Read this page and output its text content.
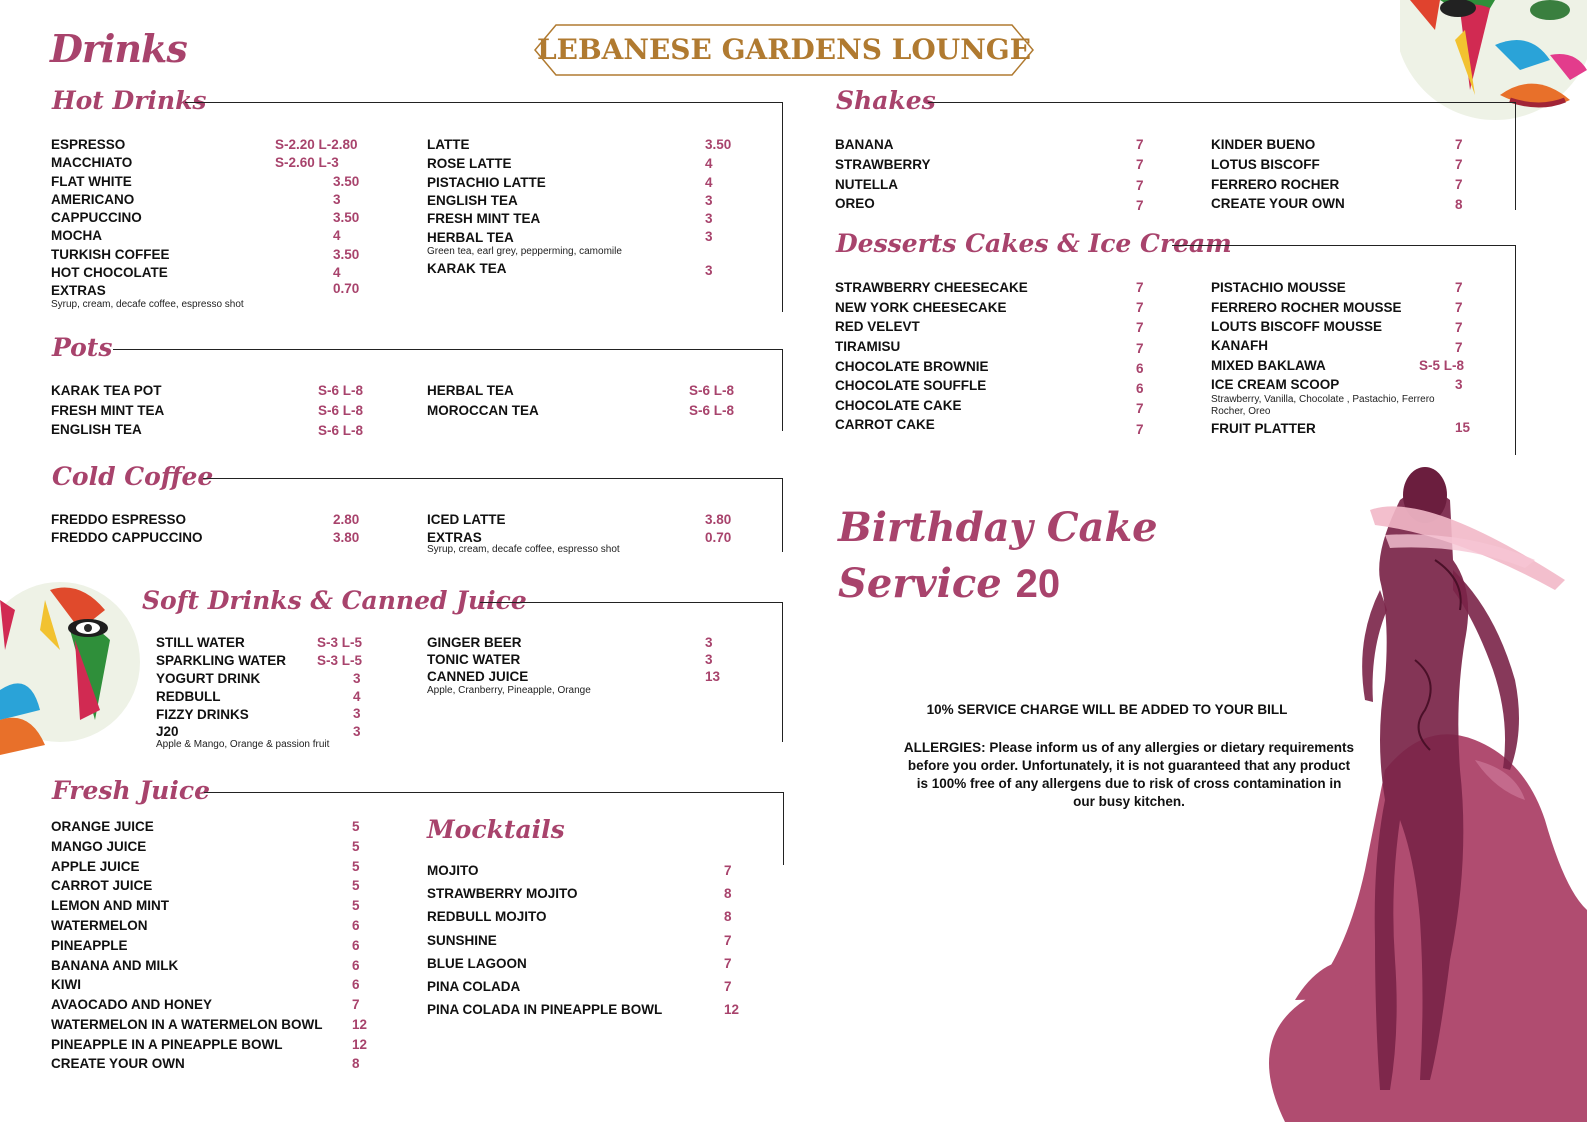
LEBANESE GARDENS LOUNGE
Drinks
Hot Drinks
ESPRESSO	S-2.20 L-2.80
MACCHIATO	S-2.60 L-3
FLAT WHITE	3.50
AMERICANO	3
CAPPUCCINO	3.50
MOCHA	4
TURKISH COFFEE	3.50
HOT CHOCOLATE	4
EXTRAS	0.70
Syrup, cream, decafe coffee, espresso shot
LATTE	3.50
ROSE LATTE	4
PISTACHIO LATTE	4
ENGLISH TEA	3
FRESH MINT TEA	3
HERBAL TEA	3
Green tea, earl grey, pepperming, camomile
KARAK TEA	3
Pots
KARAK TEA POT	S-6 L-8
FRESH MINT TEA	S-6 L-8
ENGLISH TEA	S-6 L-8
HERBAL TEA	S-6 L-8
MOROCCAN TEA	S-6 L-8
Cold Coffee
FREDDO ESPRESSO	2.80
FREDDO CAPPUCCINO	3.80
ICED LATTE	3.80
EXTRAS	0.70
Syrup, cream, decafe coffee, espresso shot
Soft Drinks & Canned Juice
STILL WATER	S-3 L-5
SPARKLING WATER S-3 L-5
YOGURT DRINK	3
REDBULL	4
FIZZY DRINKS	3
J20	3
Apple & Mango, Orange & passion fruit
GINGER BEER	3
TONIC WATER	3
CANNED JUICE	13
Apple, Cranberry, Pineapple, Orange
Fresh Juice
ORANGE JUICE	5
MANGO JUICE	5
APPLE JUICE	5
CARROT JUICE	5
LEMON AND MINT	5
WATERMELON	6
PINEAPPLE	6
BANANA AND MILK	6
KIWI	6
AVAOCADO AND HONEY	7
WATERMELON IN A WATERMELON BOWL 12
PINEAPPLE IN A PINEAPPLE BOWL	12
CREATE YOUR OWN	8
Mocktails
MOJITO	7
STRAWBERRY MOJITO	8
REDBULL MOJITO	8
SUNSHINE	7
BLUE LAGOON	7
PINA COLADA	7
PINA COLADA IN PINEAPPLE BOWL	12
Shakes
BANANA	7
STRAWBERRY	7
NUTELLA	7
OREO	7
KINDER BUENO	7
LOTUS BISCOFF	7
FERRERO ROCHER	7
CREATE YOUR OWN	8
Desserts Cakes & Ice Cream
STRAWBERRY CHEESECAKE	7
NEW YORK CHEESECAKE	7
RED VELEVT	7
TIRAMISU	7
CHOCOLATE BROWNIE	6
CHOCOLATE SOUFFLE	6
CHOCOLATE CAKE	7
CARROT CAKE	7
PISTACHIO MOUSSE	7
FERRERO ROCHER MOUSSE	7
LOUTS BISCOFF MOUSSE	7
KANAFH	7
MIXED BAKLAWA	S-5 L-8
ICE CREAM SCOOP	3
Strawberry, Vanilla, Chocolate , Pastachio, Ferrero
Rocher, Oreo
FRUIT PLATTER	15
Birthday Cake
Service 20
10% SERVICE CHARGE WILL BE ADDED TO YOUR BILL
ALLERGIES: Please inform us of any allergies or dietary requirements
before you order. Unfortunately, it is not guaranteed that any product
is 100% free of any allergens due to risk of cross contamination in
our busy kitchen.
